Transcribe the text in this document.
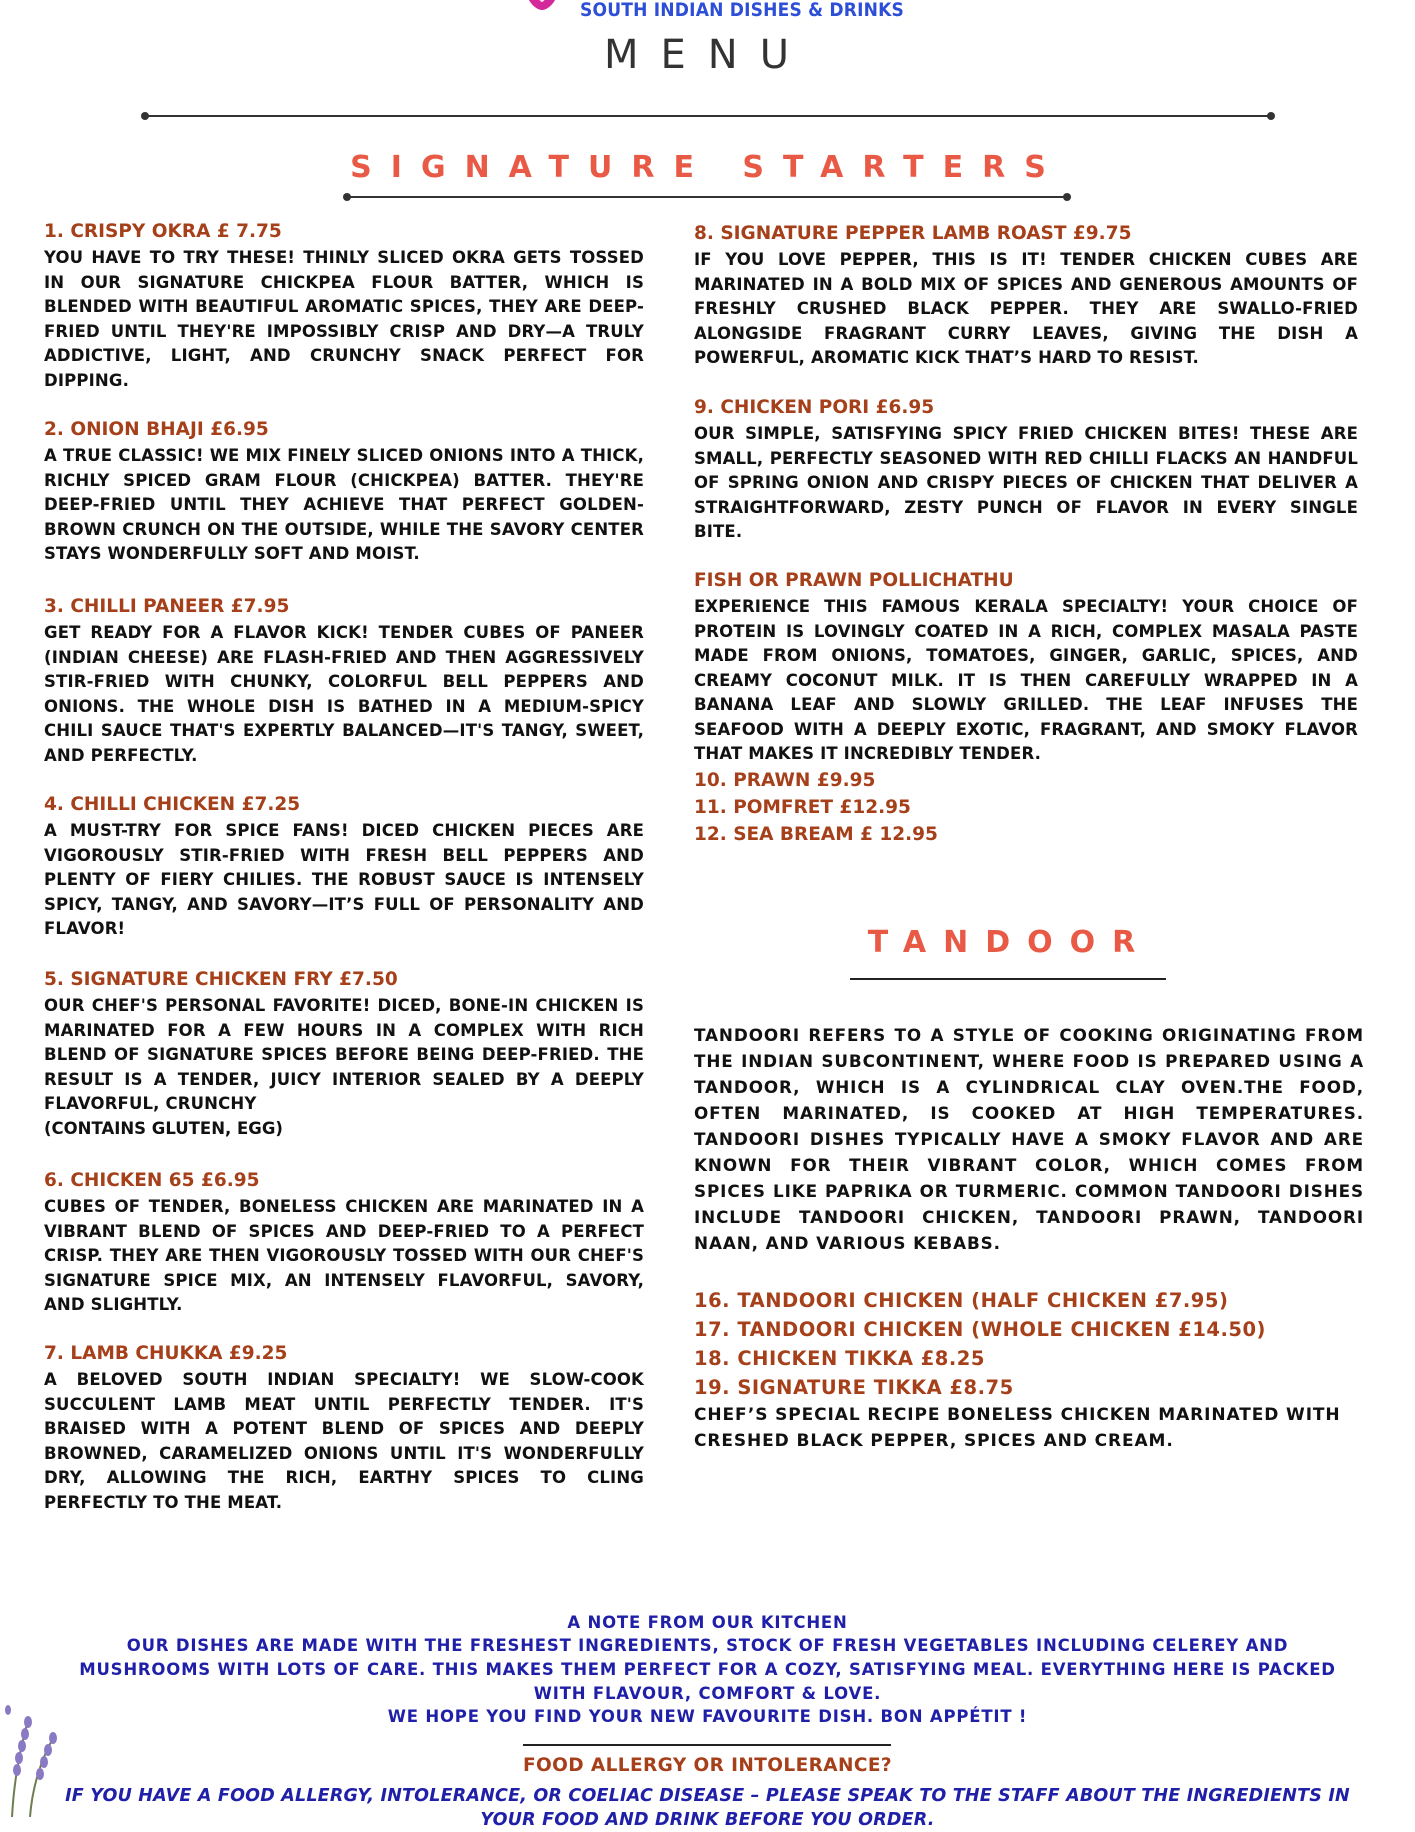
SOUTH INDIAN DISHES & DRINKS
MENU
SIGNATURE STARTERS

1. CRISPY OKRA £ 7.75

YOU HAVE TO TRY THESE! THINLY SLICED OKRA GETS TOSSED IN OUR SIGNATURE CHICKPEA FLOUR BATTER, WHICH IS BLENDED WITH BEAUTIFUL AROMATIC SPICES, THEY ARE DEEP-FRIED UNTIL THEY'RE IMPOSSIBLY CRISP AND DRY—A TRULY ADDICTIVE, LIGHT, AND CRUNCHY SNACK PERFECT FOR DIPPING.

2. ONION BHAJI £6.95

A TRUE CLASSIC! WE MIX FINELY SLICED ONIONS INTO A THICK, RICHLY SPICED GRAM FLOUR (CHICKPEA) BATTER. THEY'RE DEEP-FRIED UNTIL THEY ACHIEVE THAT PERFECT GOLDEN-BROWN CRUNCH ON THE OUTSIDE, WHILE THE SAVORY CENTER STAYS WONDERFULLY SOFT AND MOIST.

3. CHILLI PANEER £7.95

GET READY FOR A FLAVOR KICK! TENDER CUBES OF PANEER (INDIAN CHEESE) ARE FLASH-FRIED AND THEN AGGRESSIVELY STIR-FRIED WITH CHUNKY, COLORFUL BELL PEPPERS AND ONIONS. THE WHOLE DISH IS BATHED IN A MEDIUM-SPICY CHILI SAUCE THAT'S EXPERTLY BALANCED—IT'S TANGY, SWEET, AND PERFECTLY.

4. CHILLI CHICKEN £7.25

A MUST-TRY FOR SPICE FANS! DICED CHICKEN PIECES ARE VIGOROUSLY STIR-FRIED WITH FRESH BELL PEPPERS AND PLENTY OF FIERY CHILIES. THE ROBUST SAUCE IS INTENSELY SPICY, TANGY, AND SAVORY—IT’S FULL OF PERSONALITY AND FLAVOR!

5. SIGNATURE CHICKEN FRY £7.50

OUR CHEF'S PERSONAL FAVORITE! DICED, BONE-IN CHICKEN IS MARINATED FOR A FEW HOURS IN A COMPLEX WITH RICH BLEND OF SIGNATURE SPICES BEFORE BEING DEEP-FRIED. THE RESULT IS A TENDER, JUICY INTERIOR SEALED BY A DEEPLY FLAVORFUL, CRUNCHY

(CONTAINS GLUTEN, EGG)

6. CHICKEN 65 £6.95

CUBES OF TENDER, BONELESS CHICKEN ARE MARINATED IN A VIBRANT BLEND OF SPICES AND DEEP-FRIED TO A PERFECT CRISP. THEY ARE THEN VIGOROUSLY TOSSED WITH OUR CHEF'S SIGNATURE SPICE MIX, AN INTENSELY FLAVORFUL, SAVORY, AND SLIGHTLY.

7. LAMB CHUKKA £9.25

A BELOVED SOUTH INDIAN SPECIALTY! WE SLOW-COOK SUCCULENT LAMB MEAT UNTIL PERFECTLY TENDER. IT'S BRAISED WITH A POTENT BLEND OF SPICES AND DEEPLY BROWNED, CARAMELIZED ONIONS UNTIL IT'S WONDERFULLY DRY, ALLOWING THE RICH, EARTHY SPICES TO CLING PERFECTLY TO THE MEAT.

8. SIGNATURE PEPPER LAMB ROAST £9.75

IF YOU LOVE PEPPER, THIS IS IT! TENDER CHICKEN CUBES ARE MARINATED IN A BOLD MIX OF SPICES AND GENEROUS AMOUNTS OF FRESHLY CRUSHED BLACK PEPPER. THEY ARE SWALLO-FRIED ALONGSIDE FRAGRANT CURRY LEAVES, GIVING THE DISH A POWERFUL, AROMATIC KICK THAT’S HARD TO RESIST.

9. CHICKEN PORI £6.95

OUR SIMPLE, SATISFYING SPICY FRIED CHICKEN BITES! THESE ARE SMALL, PERFECTLY SEASONED WITH RED CHILLI FLACKS AN HANDFUL OF SPRING ONION AND CRISPY PIECES OF CHICKEN THAT DELIVER A STRAIGHTFORWARD, ZESTY PUNCH OF FLAVOR IN EVERY SINGLE BITE.

FISH OR PRAWN POLLICHATHU

EXPERIENCE THIS FAMOUS KERALA SPECIALTY! YOUR CHOICE OF PROTEIN IS LOVINGLY COATED IN A RICH, COMPLEX MASALA PASTE MADE FROM ONIONS, TOMATOES, GINGER, GARLIC, SPICES, AND CREAMY COCONUT MILK. IT IS THEN CAREFULLY WRAPPED IN A BANANA LEAF AND SLOWLY GRILLED. THE LEAF INFUSES THE SEAFOOD WITH A DEEPLY EXOTIC, FRAGRANT, AND SMOKY FLAVOR THAT MAKES IT INCREDIBLY TENDER.

10. PRAWN £9.95

11. POMFRET £12.95

12. SEA BREAM £ 12.95

TANDOOR

TANDOORI REFERS TO A STYLE OF COOKING ORIGINATING FROM THE INDIAN SUBCONTINENT, WHERE FOOD IS PREPARED USING A TANDOOR, WHICH IS A CYLINDRICAL CLAY OVEN.THE FOOD, OFTEN MARINATED, IS COOKED AT HIGH TEMPERATURES. TANDOORI DISHES TYPICALLY HAVE A SMOKY FLAVOR AND ARE KNOWN FOR THEIR VIBRANT COLOR, WHICH COMES FROM SPICES LIKE PAPRIKA OR TURMERIC. COMMON TANDOORI DISHES INCLUDE TANDOORI CHICKEN, TANDOORI PRAWN, TANDOORI NAAN, AND VARIOUS KEBABS.

16. TANDOORI CHICKEN (HALF CHICKEN £7.95)

17. TANDOORI CHICKEN (WHOLE CHICKEN £14.50)

18. CHICKEN TIKKA £8.25

19. SIGNATURE TIKKA £8.75

CHEF’S SPECIAL RECIPE BONELESS CHICKEN MARINATED WITH CRESHED BLACK PEPPER, SPICES AND CREAM.

A NOTE FROM OUR KITCHEN
OUR DISHES ARE MADE WITH THE FRESHEST INGREDIENTS, STOCK OF FRESH VEGETABLES INCLUDING CELEREY AND MUSHROOMS WITH LOTS OF CARE. THIS MAKES THEM PERFECT FOR A COZY, SATISFYING MEAL. EVERYTHING HERE IS PACKED WITH FLAVOUR, COMFORT & LOVE.
WE HOPE YOU FIND YOUR NEW FAVOURITE DISH. BON APPÉTIT !
FOOD ALLERGY OR INTOLERANCE?
IF YOU HAVE A FOOD ALLERGY, INTOLERANCE, OR COELIAC DISEASE – PLEASE SPEAK TO THE STAFF ABOUT THE INGREDIENTS IN YOUR FOOD AND DRINK BEFORE YOU ORDER.
